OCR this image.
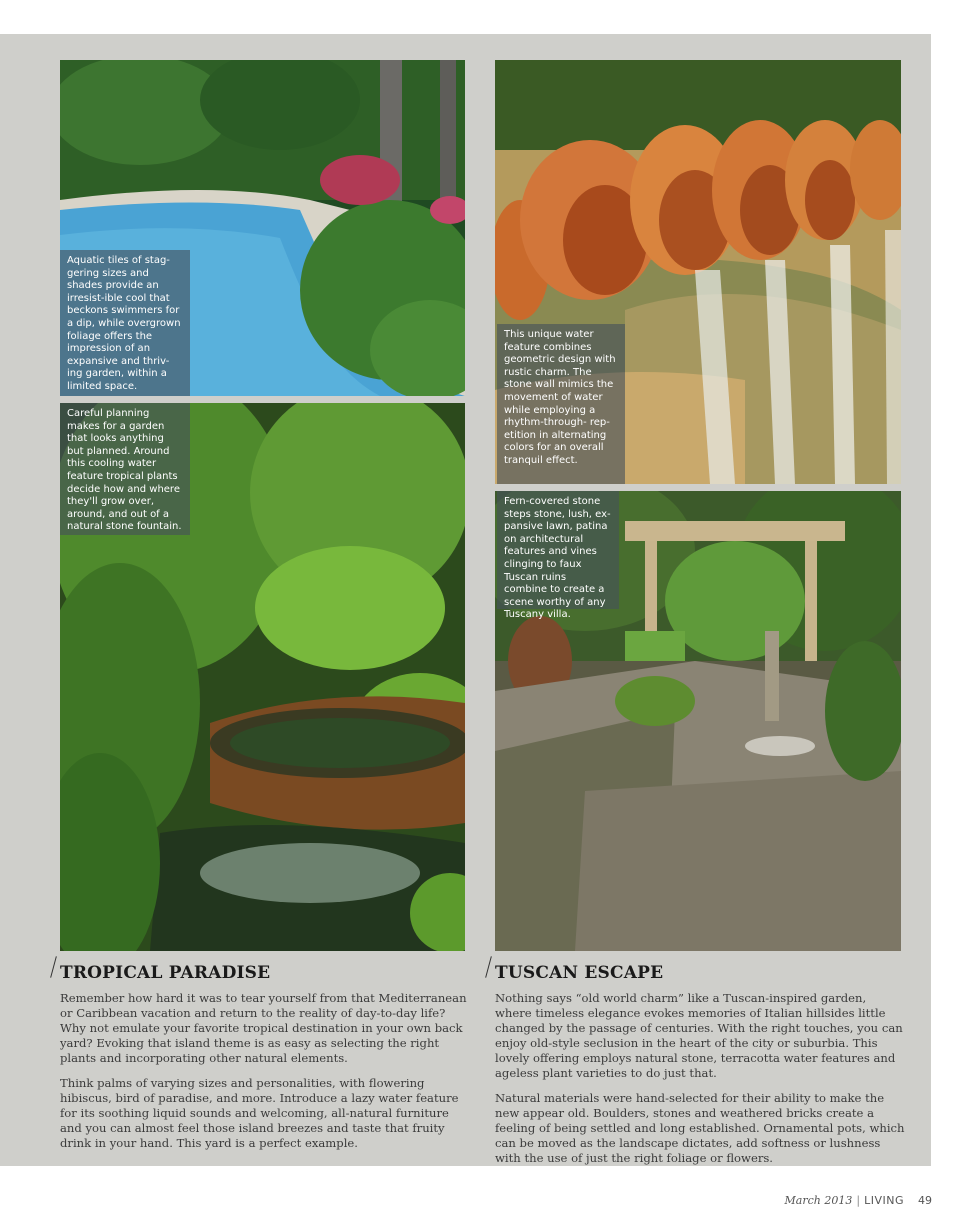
Aquatic tiles of stag-gering sizes and shades provide an irresist-ible cool that beckons swimmers for a dip, while overgrown foliage offers the impression of an expansive and thriv-ing garden, within a limited space.
Careful planning makes for a garden that looks anything but planned. Around this cooling water feature tropical plants decide how and where they'll grow over, around, and out of a natural stone fountain.
This unique water feature combines geometric design with rustic charm. The stone wall mimics the movement of water while employing a rhythm-through- rep-etition in alternating colors for an overall tranquil effect.
Fern-covered stone steps stone, lush, ex-pansive lawn, patina on architectural features and vines clinging to faux Tuscan ruins combine to create a scene worthy of any Tuscany villa.
TROPICAL PARADISE	TUSCAN ESCAPE

Remember how hard it was to tear yourself from that Mediterranean or Caribbean vacation and return to the reality of day-to-day life? Why not emulate your favorite tropical destination in your own back yard? Evoking that island theme is as easy as selecting the right plants and incorporating other natural elements.

Think palms of varying sizes and personalities, with flowering hibiscus, bird of paradise, and more. Introduce a lazy water feature for its soothing liquid sounds and welcoming, all-natural furniture and you can almost feel those island breezes and taste that fruity drink in your hand. This yard is a perfect example.

Nothing says “old world charm” like a Tuscan-inspired garden, where timeless elegance evokes memories of Italian hillsides little changed by the passage of centuries. With the right touches, you can enjoy old-style seclusion in the heart of the city or suburbia. This lovely offering employs natural stone, terracotta water features and ageless plant varieties to do just that.

Natural materials were hand-selected for their ability to make the new appear old. Boulders, stones and weathered bricks create a feeling of being settled and long established. Ornamental pots, which can be moved as the landscape dictates, add softness or lushness with the use of just the right foliage or flowers.

March 2013 | LIVING 49
